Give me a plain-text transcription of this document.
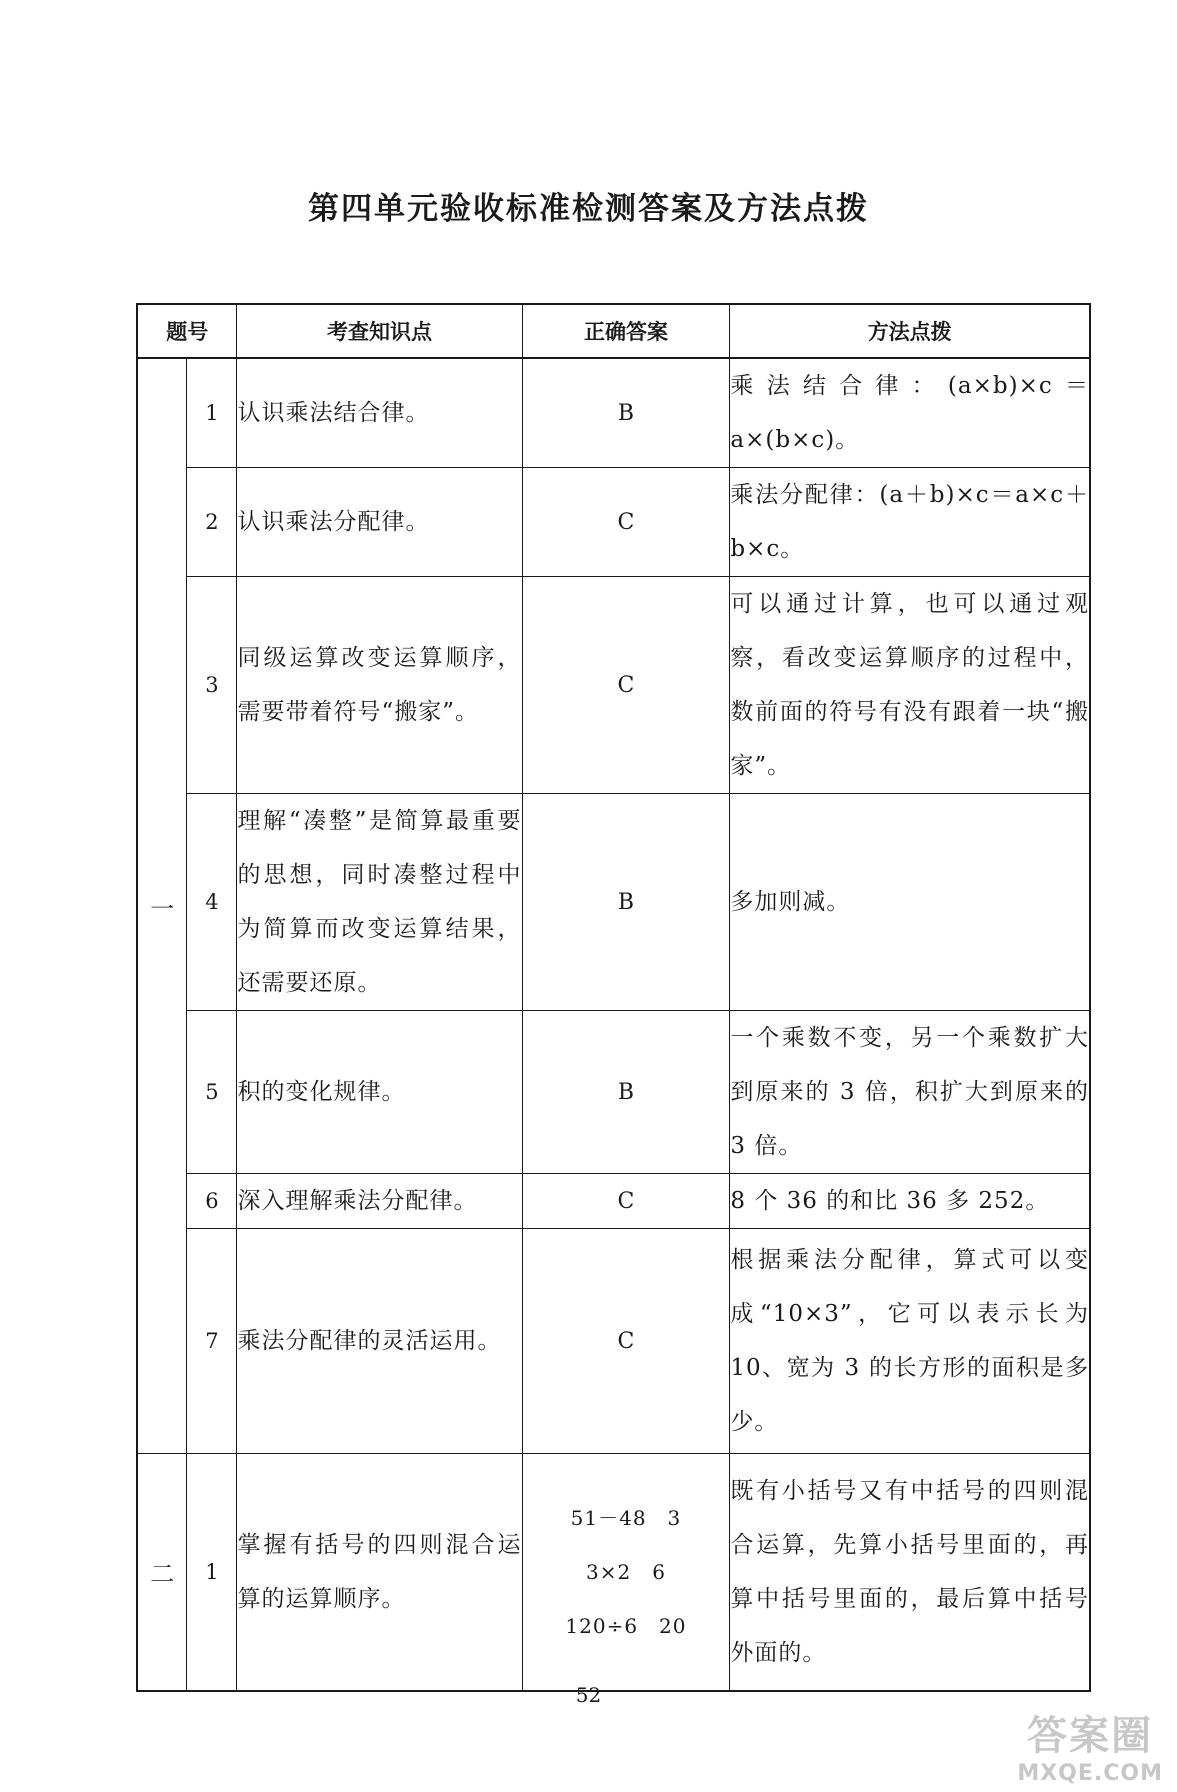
第四单元验收标准检测答案及方法点拨
题号		考查知识点	正确答案	方法点拨
一	1	认识乘法结合律。	B	乘法结合律：(a×b)×c＝a×(b×c)。
	2	认识乘法分配律。	C	乘法分配律：(a＋b)×c＝a×c＋b×c。
	3	同级运算改变运算顺序，需要带着符号“搬家”。	C	可以通过计算，也可以通过观察，看改变运算顺序的过程中，数前面的符号有没有跟着一块“搬家”。
	4	理解“凑整”是简算最重要的思想，同时凑整过程中为简算而改变运算结果，还需要还原。	B	多加则减。
	5	积的变化规律。	B	一个乘数不变，另一个乘数扩大到原来的 3 倍，积扩大到原来的 3 倍。
	6	深入理解乘法分配律。	C	8 个 36 的和比 36 多 252。
	7	乘法分配律的灵活运用。	C	根据乘法分配律，算式可以变成“10×3”，它可以表示长为10、宽为 3 的长方形的面积是多少。
二	1	掌握有括号的四则混合运算的运算顺序。	51－48　3
3×2　6
120÷6　20	既有小括号又有中括号的四则混合运算，先算小括号里面的，再算中括号里面的，最后算中括号外面的。
52
答案圈
MXQE.COM
